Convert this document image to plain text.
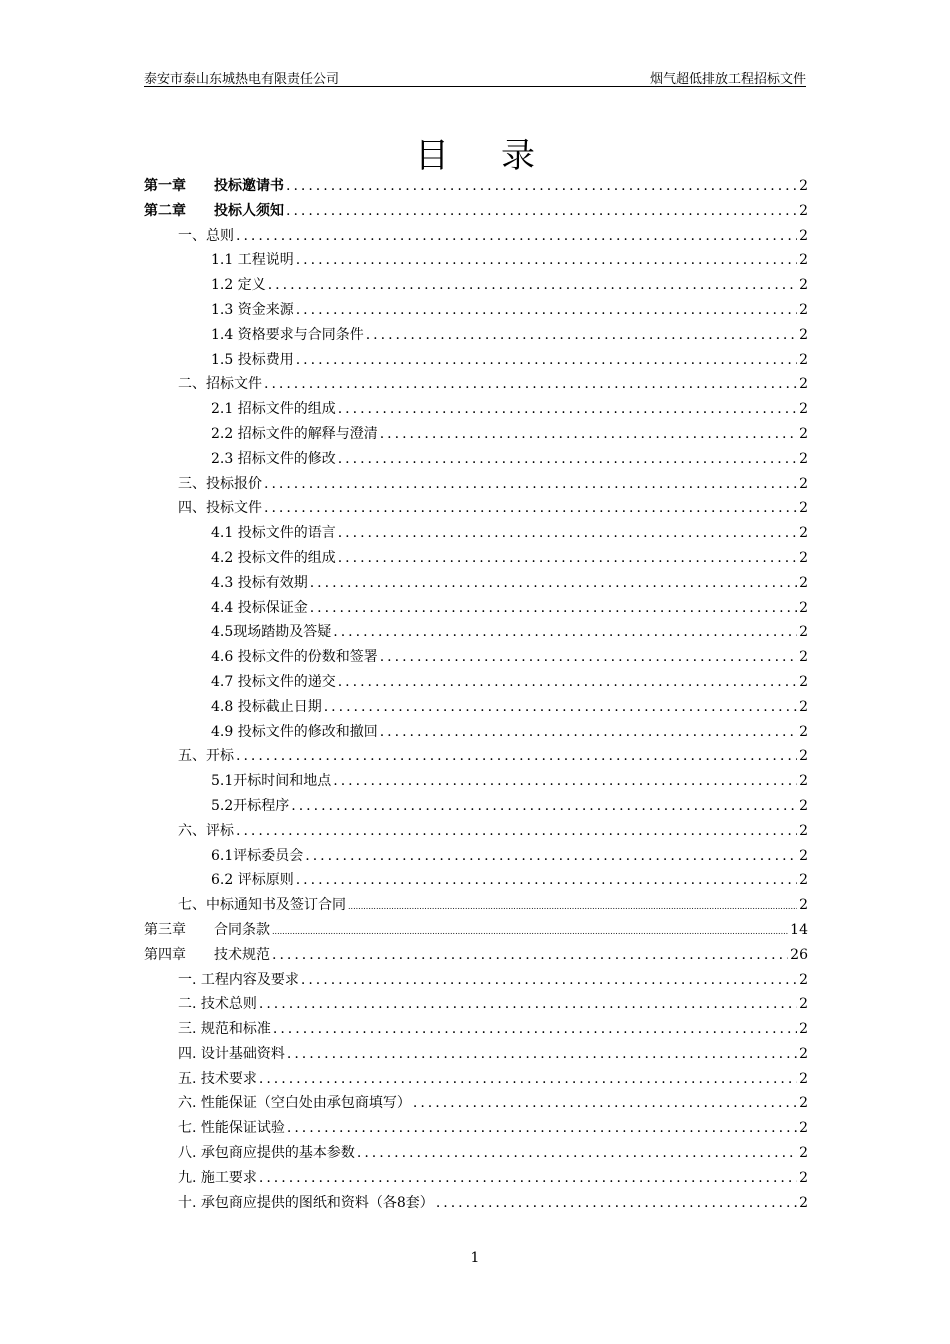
泰安市泰山东城热电有限责任公司	烟气超低排放工程招标文件
目录
第一章　　投标邀请书 .....	2
第二章　　投标人须知 .....	2
一、总则 .....	2
1.1 工程说明 .....	2
1.2 定义 .....	2
1.3 资金来源 .....	2
1.4 资格要求与合同条件 .....	2
1.5 投标费用 .....	2
二、招标文件 .....	2
2.1 招标文件的组成 .....	2
2.2 招标文件的解释与澄清 .....	2
2.3 招标文件的修改 .....	2
三、投标报价 .....	2
四、投标文件 .....	2
4.1 投标文件的语言 .....	2
4.2 投标文件的组成 .....	2
4.3 投标有效期 .....	2
4.4 投标保证金 .....	2
4.5现场踏勘及答疑 .....	2
4.6 投标文件的份数和签署 .....	2
4.7 投标文件的递交 .....	2
4.8 投标截止日期 .....	2
4.9 投标文件的修改和撤回 .....	2
五、开标 .....	2
5.1开标时间和地点 .....	2
5.2开标程序 .....	2
六、评标 .....	2
6.1评标委员会 .....	2
6.2 评标原则 .....	2
七、中标通知书及签订合同 .....	2
第三章　　合同条款 .....	14
第四章　　技术规范 .....	26
一. 工程内容及要求 .....	2
二. 技术总则 .....	2
三. 规范和标准 .....	2
四. 设计基础资料 .....	2
五. 技术要求 .....	2
六. 性能保证（空白处由承包商填写） .....	2
七. 性能保证试验 .....	2
八. 承包商应提供的基本参数 .....	2
九. 施工要求 .....	2
十. 承包商应提供的图纸和资料（各8套） .....	2
1
